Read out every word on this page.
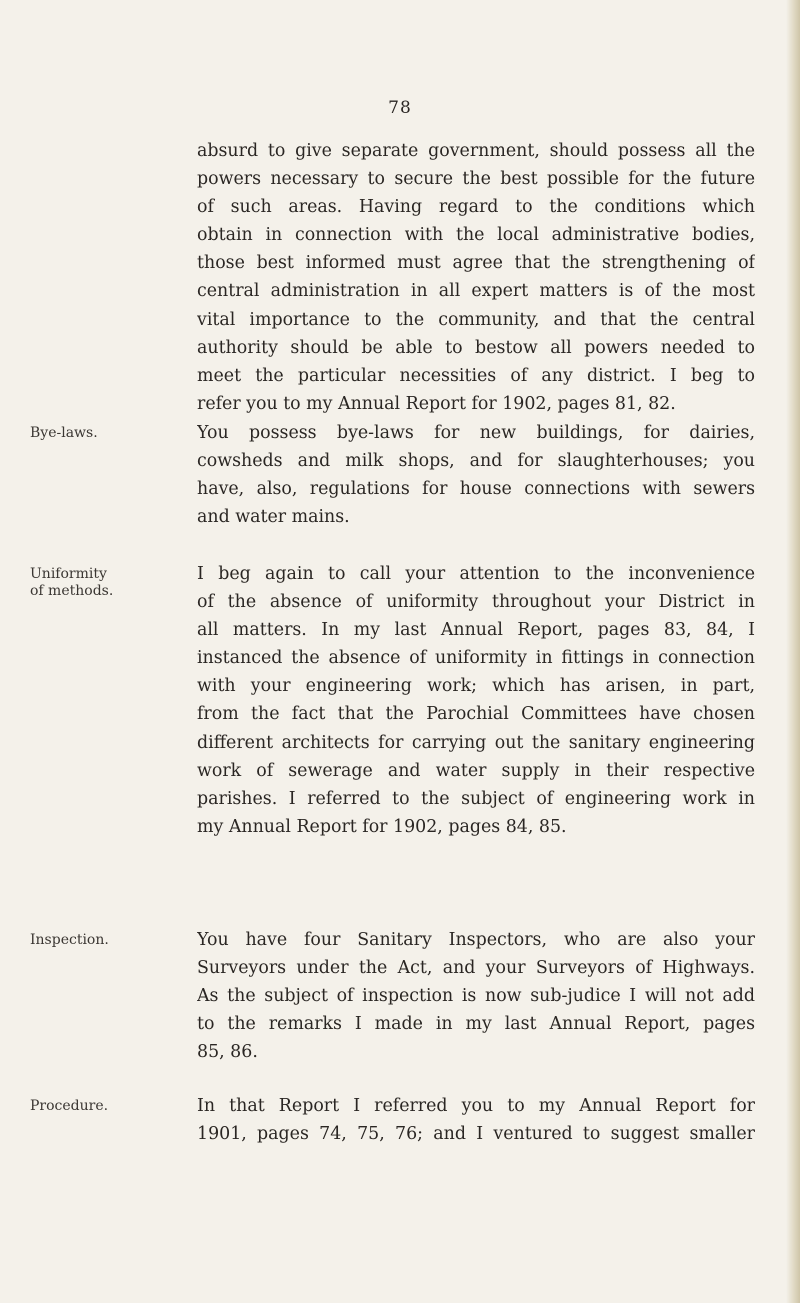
78
absurd to give separate government, should possess all the
powers necessary to secure the best possible for the future
of such areas. Having regard to the conditions which
obtain in connection with the local administrative bodies,
those best informed must agree that the strengthening of
central administration in all expert matters is of the most
vital importance to the community, and that the central
authority should be able to bestow all powers needed to
meet the particular necessities of any district. I beg to
refer you to my Annual Report for 1902, pages 81, 82.
Bye-laws.	You possess bye-laws for new buildings, for dairies,
cowsheds and milk shops, and for slaughterhouses; you
have, also, regulations for house connections with sewers
and water mains.
Uniformity
of methods.
I beg again to call your attention to the inconvenience
of the absence of uniformity throughout your District in
all matters. In my last Annual Report, pages 83, 84, I
instanced the absence of uniformity in fittings in connection
with your engineering work; which has arisen, in part,
from the fact that the Parochial Committees have chosen
different architects for carrying out the sanitary engineering
work of sewerage and water supply in their respective
parishes. I referred to the subject of engineering work in
my Annual Report for 1902, pages 84, 85.
Inspection.	You have four Sanitary Inspectors, who are also your
Surveyors under the Act, and your Surveyors of Highways.
As the subject of inspection is now sub-judice I will not add
to the remarks I made in my last Annual Report, pages
85, 86.
Procedure.	In that Report I referred you to my Annual Report for
1901, pages 74, 75, 76; and I ventured to suggest smaller
